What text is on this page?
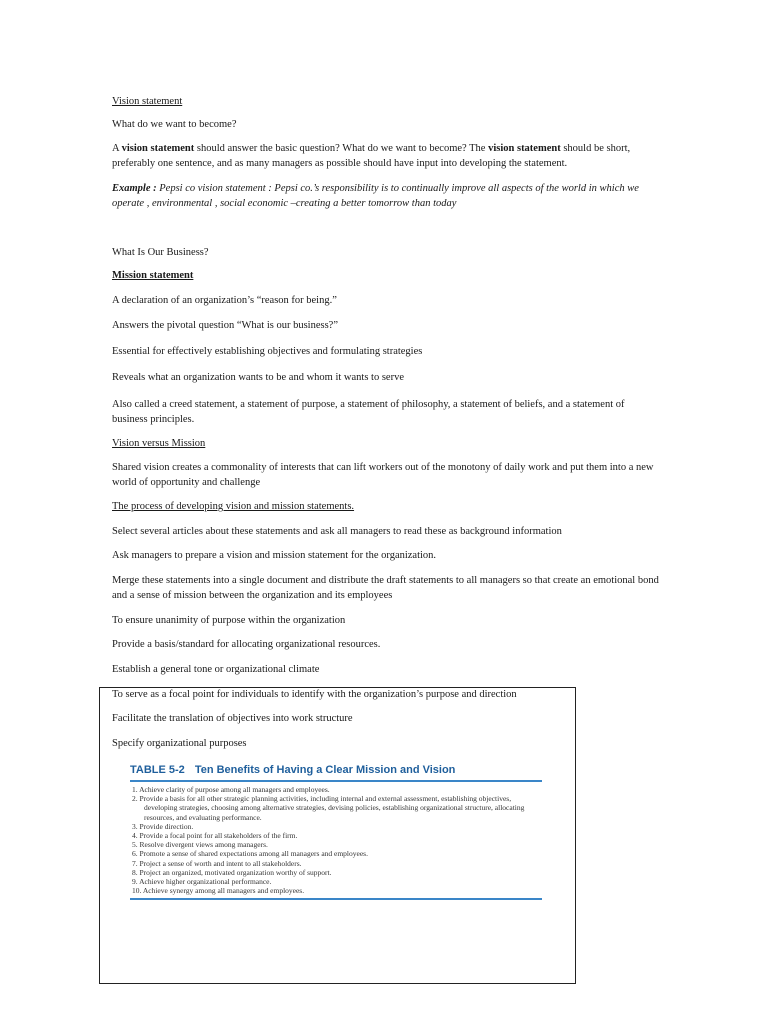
Vision statement

What do we want to become?

A vision statement should answer the basic question? What do we want to become? The vision statement should be short, preferably one sentence, and as many managers as possible should have input into developing the statement.

Example : Pepsi co vision statement : Pepsi co.’s responsibility is to continually improve all aspects of the world in which we operate , environmental , social economic –creating a better tomorrow than today

What Is Our Business?

Mission statement

A declaration of an organization’s “reason for being.”

Answers the pivotal question “What is our business?”

Essential for effectively establishing objectives and formulating strategies

Reveals what an organization wants to be and whom it wants to serve

Also called a creed statement, a statement of purpose, a statement of philosophy, a statement of beliefs, and a statement of business principles.

Vision versus Mission

Shared vision creates a commonality of interests that can lift workers out of the monotony of daily work and put them into a new world of opportunity and challenge

The process of developing vision and mission statements.

Select several articles about these statements and ask all managers to read these as background information

Ask managers to prepare a vision and mission statement for the organization.

Merge these statements into a single document and distribute the draft statements to all managers so that create an emotional bond and a sense of mission between the organization and its employees

To ensure unanimity of purpose within the organization

Provide a basis/standard for allocating organizational resources.

Establish a general tone or organizational climate

To serve as a focal point for individuals to identify with the organization’s purpose and direction

Facilitate the translation of objectives into work structure

Specify organizational purposes

TABLE 5-2 Ten Benefits of Having a Clear Mission and Vision
1. Achieve clarity of purpose among all managers and employees.
2. Provide a basis for all other strategic planning activities, including internal and external assessment, establishing objectives, developing strategies, choosing among alternative strategies, devising policies, establishing organizational structure, allocating resources, and evaluating performance.
3. Provide direction.
4. Provide a focal point for all stakeholders of the firm.
5. Resolve divergent views among managers.
6. Promote a sense of shared expectations among all managers and employees.
7. Project a sense of worth and intent to all stakeholders.
8. Project an organized, motivated organization worthy of support.
9. Achieve higher organizational performance.
10. Achieve synergy among all managers and employees.
